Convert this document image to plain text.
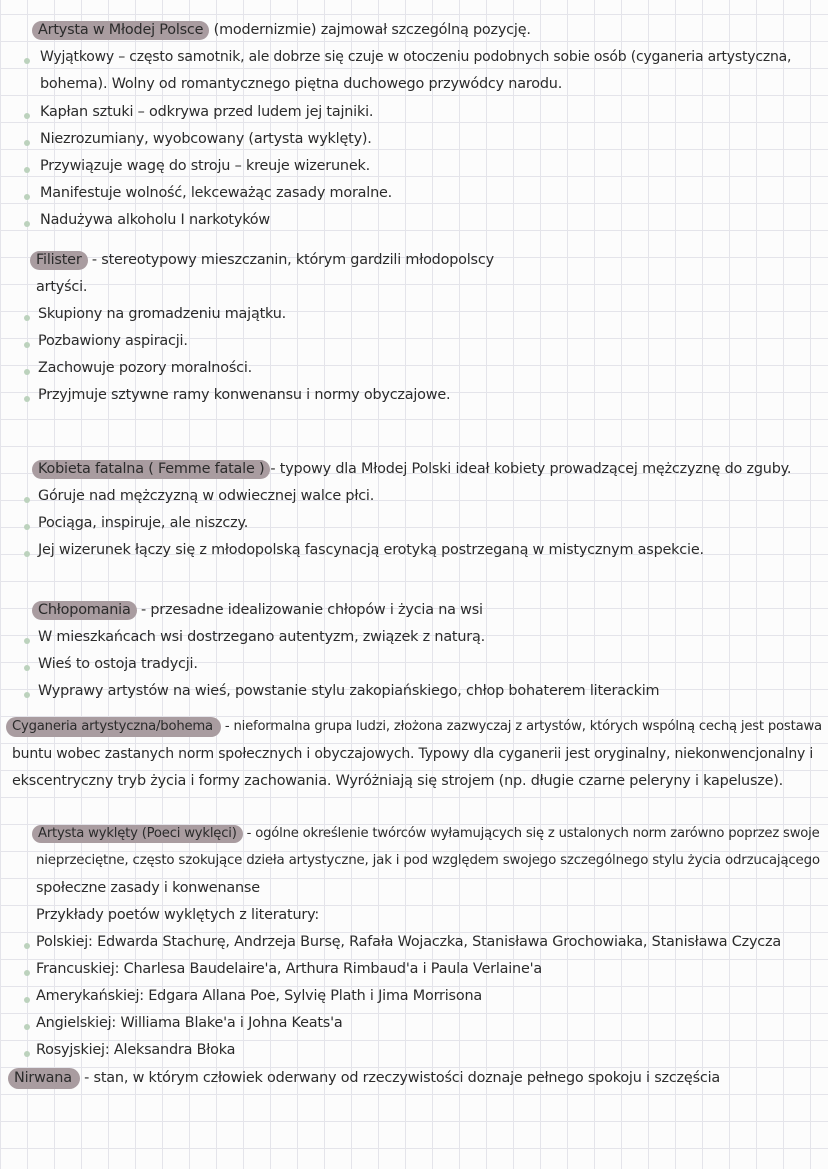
Artysta w Młodej Polsce (modernizmie) zajmował szczególną pozycję.
Wyjątkowy – często samotnik, ale dobrze się czuje w otoczeniu podobnych sobie osób (cyganeria artystyczna,
bohema). Wolny od romantycznego piętna duchowego przywódcy narodu.
Kapłan sztuki – odkrywa przed ludem jej tajniki.
Niezrozumiany, wyobcowany (artysta wyklęty).
Przywiązuje wagę do stroju – kreuje wizerunek.
Manifestuje wolność, lekceważąc zasady moralne.
Nadużywa alkoholu I narkotyków
Filister - stereotypowy mieszczanin, którym gardzili młodopolscy
artyści.
Skupiony na gromadzeniu majątku.
Pozbawiony aspiracji.
Zachowuje pozory moralności.
Przyjmuje sztywne ramy konwenansu i normy obyczajowe.
Kobieta fatalna ( Femme fatale ) - typowy dla Młodej Polski ideał kobiety prowadzącej mężczyznę do zguby.
Góruje nad mężczyzną w odwiecznej walce płci.
Pociąga, inspiruje, ale niszczy.
Jej wizerunek łączy się z młodopolską fascynacją erotyką postrzeganą w mistycznym aspekcie.
Chłopomania - przesadne idealizowanie chłopów i życia na wsi
W mieszkańcach wsi dostrzegano autentyzm, związek z naturą.
Wieś to ostoja tradycji.
Wyprawy artystów na wieś, powstanie stylu zakopiańskiego, chłop bohaterem literackim
Cyganeria artystyczna/bohema - nieformalna grupa ludzi, złożona zazwyczaj z artystów, których wspólną cechą jest postawa
buntu wobec zastanych norm społecznych i obyczajowych. Typowy dla cyganerii jest oryginalny, niekonwencjonalny i
ekscentryczny tryb życia i formy zachowania. Wyróżniają się strojem (np. długie czarne peleryny i kapelusze).
Artysta wyklęty (Poeci wyklęci) - ogólne określenie twórców wyłamujących się z ustalonych norm zarówno poprzez swoje
nieprzeciętne, często szokujące dzieła artystyczne, jak i pod względem swojego szczególnego stylu życia odrzucającego
społeczne zasady i konwenanse
Przykłady poetów wyklętych z literatury:
Polskiej: Edwarda Stachurę, Andrzeja Bursę, Rafała Wojaczka, Stanisława Grochowiaka, Stanisława Czycza
Francuskiej: Charlesa Baudelaire'a, Arthura Rimbaud'a i Paula Verlaine'a
Amerykańskiej: Edgara Allana Poe, Sylvię Plath i Jima Morrisona
Angielskiej: Williama Blake'a i Johna Keats'a
Rosyjskiej: Aleksandra Błoka
Nirwana - stan, w którym człowiek oderwany od rzeczywistości doznaje pełnego spokoju i szczęścia
